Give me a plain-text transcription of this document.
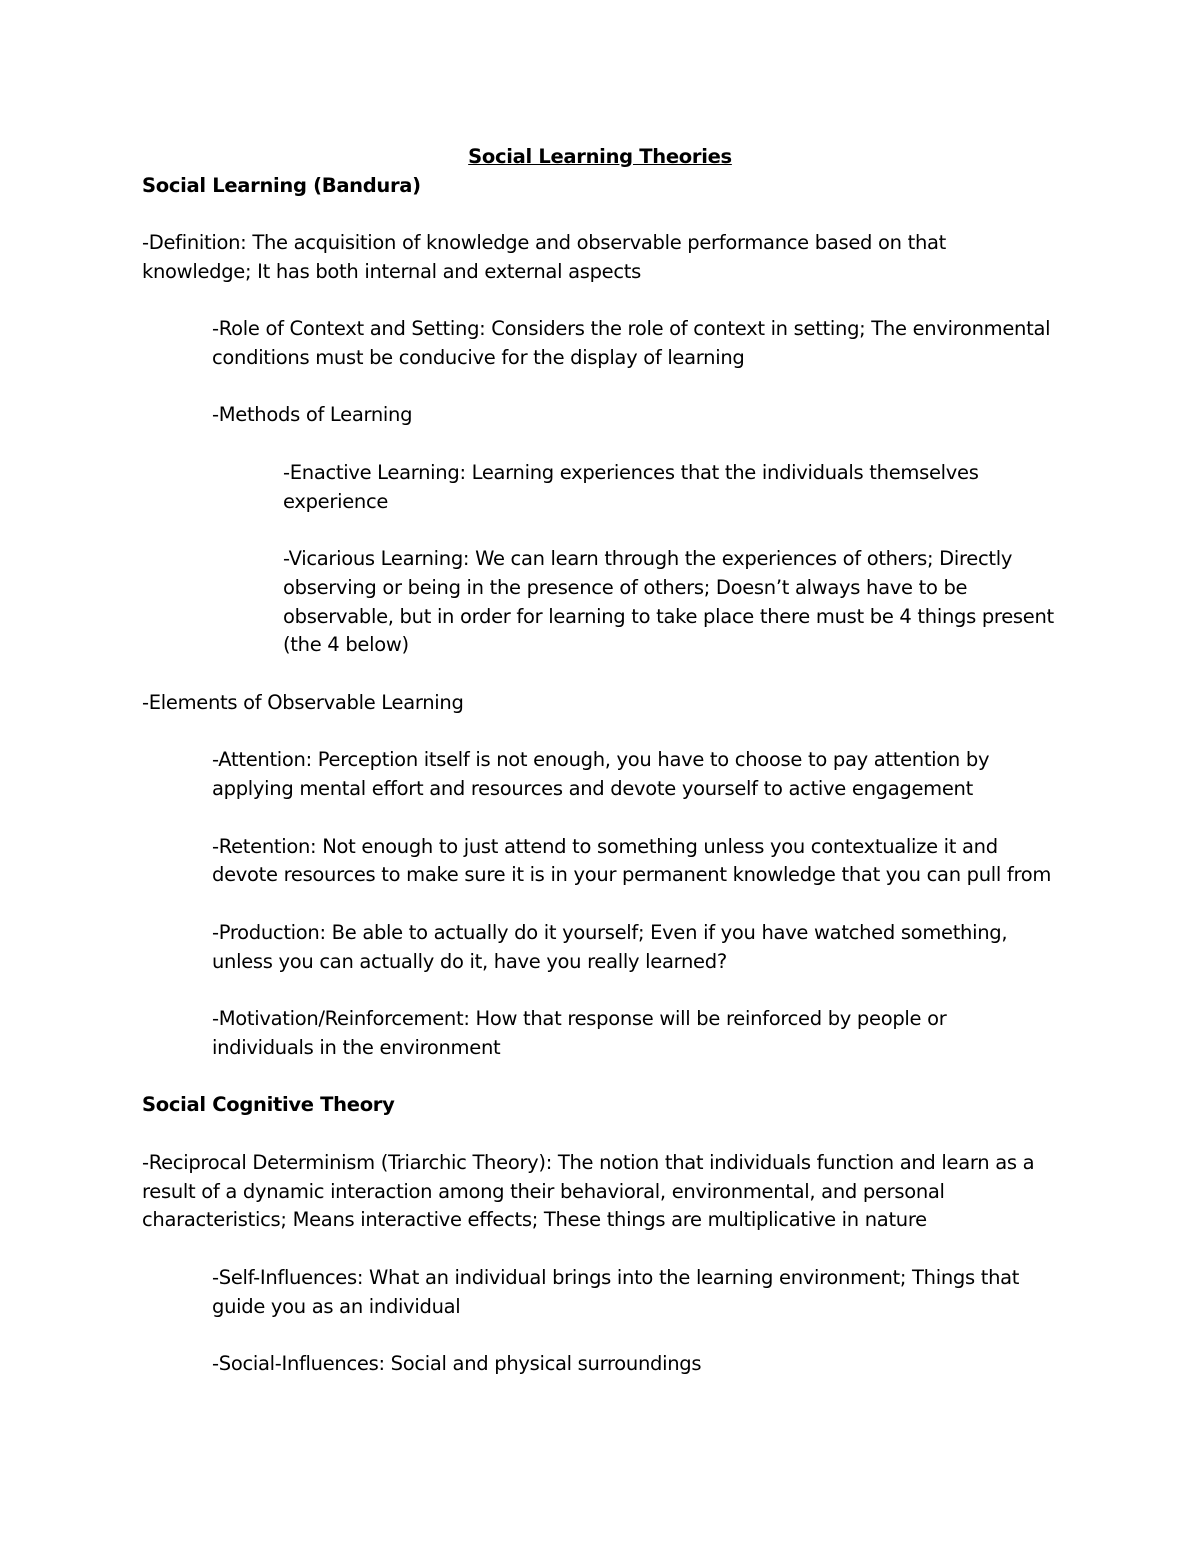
Social Learning Theories
Social Learning (Bandura)
-Definition: The acquisition of knowledge and observable performance based on that
knowledge; It has both internal and external aspects
-Role of Context and Setting: Considers the role of context in setting; The environmental
conditions must be conducive for the display of learning
-Methods of Learning
-Enactive Learning: Learning experiences that the individuals themselves
experience
-Vicarious Learning: We can learn through the experiences of others; Directly
observing or being in the presence of others; Doesn’t always have to be
observable, but in order for learning to take place there must be 4 things present
(the 4 below)
-Elements of Observable Learning
-Attention: Perception itself is not enough, you have to choose to pay attention by
applying mental effort and resources and devote yourself to active engagement
-Retention: Not enough to just attend to something unless you contextualize it and
devote resources to make sure it is in your permanent knowledge that you can pull from
-Production: Be able to actually do it yourself; Even if you have watched something,
unless you can actually do it, have you really learned?
-Motivation/Reinforcement: How that response will be reinforced by people or
individuals in the environment
Social Cognitive Theory
-Reciprocal Determinism (Triarchic Theory): The notion that individuals function and learn as a
result of a dynamic interaction among their behavioral, environmental, and personal
characteristics; Means interactive effects; These things are multiplicative in nature
-Self-Influences: What an individual brings into the learning environment; Things that
guide you as an individual
-Social-Influences: Social and physical surroundings
